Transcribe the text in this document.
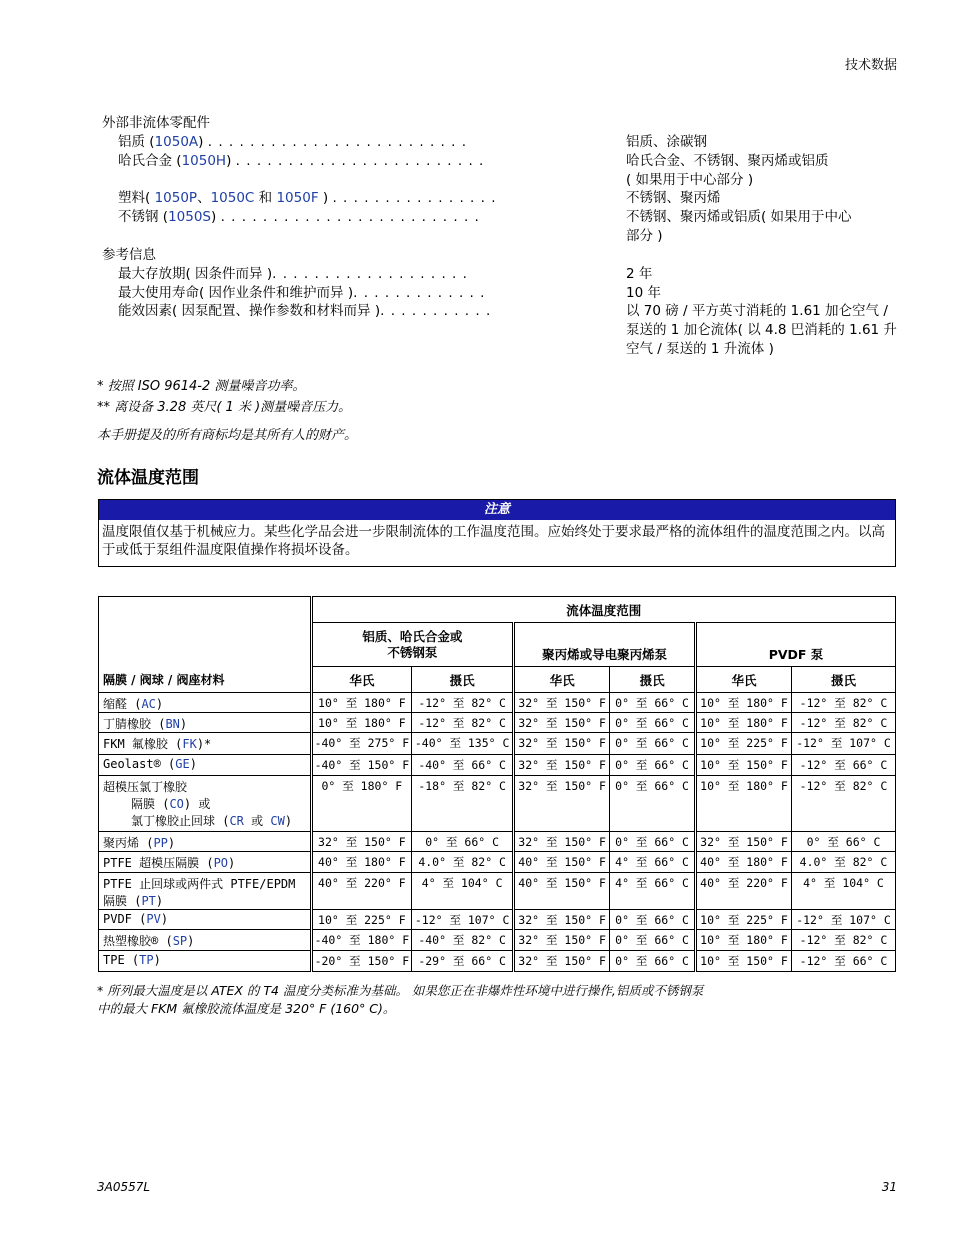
技术数据
外部非流体零配件
铝质 (1050A) . . . . . . . . . . . . . . . . . . . . . . . . .	铝质、涂碳钢
哈氏合金 (1050H) . . . . . . . . . . . . . . . . . . . . . . . .	哈氏合金、不锈钢、聚丙烯或铝质
( 如果用于中心部分 )
塑料( 1050P、1050C 和 1050F ) . . . . . . . . . . . . . . . .	不锈钢、聚丙烯
不锈钢 (1050S) . . . . . . . . . . . . . . . . . . . . . . . . .	不锈钢、聚丙烯或铝质( 如果用于中心
部分 )
参考信息
最大存放期( 因条件而异 ). . . . . . . . . . . . . . . . . . .	2 年
最大使用寿命( 因作业条件和维护而异 ). . . . . . . . . . . . .	10 年
能效因素( 因泵配置、操作参数和材料而异 ). . . . . . . . . . .	以 70 磅 / 平方英寸消耗的 1.61 加仑空气 / 泵送的 1 加仑流体( 以 4.8 巴消耗的 1.61 升空气 / 泵送的 1 升流体 )
* 按照 ISO 9614-2 测量噪音功率。
** 离设备 3.28 英尺( 1 米 )测量噪音压力。
本手册提及的所有商标均是其所有人的财产。
流体温度范围
注意
温度限值仅基于机械应力。某些化学品会进一步限制流体的工作温度范围。应始终处于要求最严格的流体组件的温度范围之内。以高于或低于泵组件温度限值操作将损坏设备。
隔膜 / 阀球 / 阀座材料	流体温度范围					
	铝质、哈氏合金或
不锈钢泵		聚丙烯或导电聚丙烯泵		PVDF 泵	
	华氏	摄氏	华氏	摄氏	华氏	摄氏
缩醛 (AC)	10° 至 180° F	-12° 至 82° C	32° 至 150° F	0° 至 66° C	10° 至 180° F	-12° 至 82° C
丁腈橡胶 (BN)	10° 至 180° F	-12° 至 82° C	32° 至 150° F	0° 至 66° C	10° 至 180° F	-12° 至 82° C
FKM 氟橡胶 (FK)*	-40° 至 275° F	-40° 至 135° C	32° 至 150° F	0° 至 66° C	10° 至 225° F	-12° 至 107° C
Geolast® (GE)	-40° 至 150° F	-40° 至 66° C	32° 至 150° F	0° 至 66° C	10° 至 150° F	-12° 至 66° C
超模压氯丁橡胶
隔膜 (CO) 或
氯丁橡胶止回球 (CR 或 CW)	0° 至 180° F	-18° 至 82° C	32° 至 150° F	0° 至 66° C	10° 至 180° F	-12° 至 82° C
聚丙烯 (PP)	32° 至 150° F	0° 至 66° C	32° 至 150° F	0° 至 66° C	32° 至 150° F	0° 至 66° C
PTFE 超模压隔膜 (PO)	40° 至 180° F	4.0° 至 82° C	40° 至 150° F	4° 至 66° C	40° 至 180° F	4.0° 至 82° C
PTFE 止回球或两件式 PTFE/EPDM 隔膜 (PT)	40° 至 220° F	4° 至 104° C	40° 至 150° F	4° 至 66° C	40° 至 220° F	4° 至 104° C
PVDF (PV)	10° 至 225° F	-12° 至 107° C	32° 至 150° F	0° 至 66° C	10° 至 225° F	-12° 至 107° C
热塑橡胶® (SP)	-40° 至 180° F	-40° 至 82° C	32° 至 150° F	0° 至 66° C	10° 至 180° F	-12° 至 82° C
TPE (TP)	-20° 至 150° F	-29° 至 66° C	32° 至 150° F	0° 至 66° C	10° 至 150° F	-12° 至 66° C
* 所列最大温度是以 ATEX 的 T4 温度分类标准为基础。 如果您正在非爆炸性环境中进行操作,铝质或不锈钢泵
中的最大 FKM 氟橡胶流体温度是 320° F (160° C)。
3A0557L	31
